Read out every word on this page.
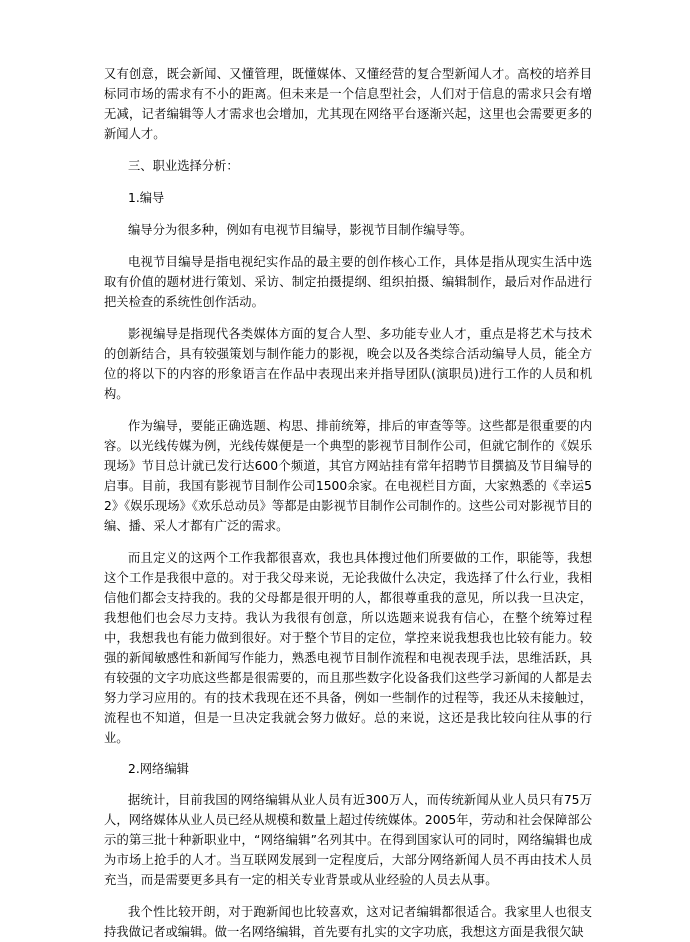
又有创意，既会新闻、又懂管理，既懂媒体、又懂经营的复合型新闻人才。高校的培养目标同市场的需求有不小的距离。但未来是一个信息型社会，人们对于信息的需求只会有增无减，记者编辑等人才需求也会增加，尤其现在网络平台逐渐兴起，这里也会需要更多的新闻人才。

三、职业选择分析：

1.编导

编导分为很多种，例如有电视节目编导，影视节目制作编导等。

电视节目编导是指电视纪实作品的最主要的创作核心工作，具体是指从现实生活中选取有价值的题材进行策划、采访、制定拍摄提纲、组织拍摄、编辑制作，最后对作品进行把关检查的系统性创作活动。

影视编导是指现代各类媒体方面的复合人型、多功能专业人才，重点是将艺术与技术的创新结合，具有较强策划与制作能力的影视，晚会以及各类综合活动编导人员，能全方位的将以下的内容的形象语言在作品中表现出来并指导团队(演职员)进行工作的人员和机构。

作为编导，要能正确选题、构思、排前统筹，排后的审查等等。这些都是很重要的内容。以光线传媒为例，光线传媒便是一个典型的影视节目制作公司，但就它制作的《娱乐现场》节目总计就已发行达600个频道，其官方网站挂有常年招聘节目撰搞及节目编导的启事。目前，我国有影视节目制作公司1500余家。在电视栏目方面，大家熟悉的《幸运52》《娱乐现场》《欢乐总动员》等都是由影视节目制作公司制作的。这些公司对影视节目的编、播、采人才都有广泛的需求。

而且定义的这两个工作我都很喜欢，我也具体搜过他们所要做的工作，职能等，我想这个工作是我很中意的。对于我父母来说，无论我做什么决定，我选择了什么行业，我相信他们都会支持我的。我的父母都是很开明的人，都很尊重我的意见，所以我一旦决定，我想他们也会尽力支持。我认为我很有创意，所以选题来说我有信心，在整个统筹过程中，我想我也有能力做到很好。对于整个节目的定位，掌控来说我想我也比较有能力。较强的新闻敏感性和新闻写作能力，熟悉电视节目制作流程和电视表现手法，思维活跃，具有较强的文字功底这些都是很需要的，而且那些数字化设备我们这些学习新闻的人都是去努力学习应用的。有的技术我现在还不具备，例如一些制作的过程等，我还从未接触过，流程也不知道，但是一旦决定我就会努力做好。总的来说，这还是我比较向往从事的行业。

2.网络编辑

据统计，目前我国的网络编辑从业人员有近300万人，而传统新闻从业人员只有75万人，网络媒体从业人员已经从规模和数量上超过传统媒体。2005年，劳动和社会保障部公示的第三批十种新职业中，“网络编辑”名列其中。在得到国家认可的同时，网络编辑也成为市场上抢手的人才。当互联网发展到一定程度后，大部分网络新闻人员不再由技术人员充当，而是需要更多具有一定的相关专业背景或从业经验的人员去从事。

我个性比较开朗，对于跑新闻也比较喜欢，这对记者编辑都很适合。我家里人也很支持我做记者或编辑。做一名网络编辑，首先要有扎实的文字功底，我想这方面是我很欠缺
